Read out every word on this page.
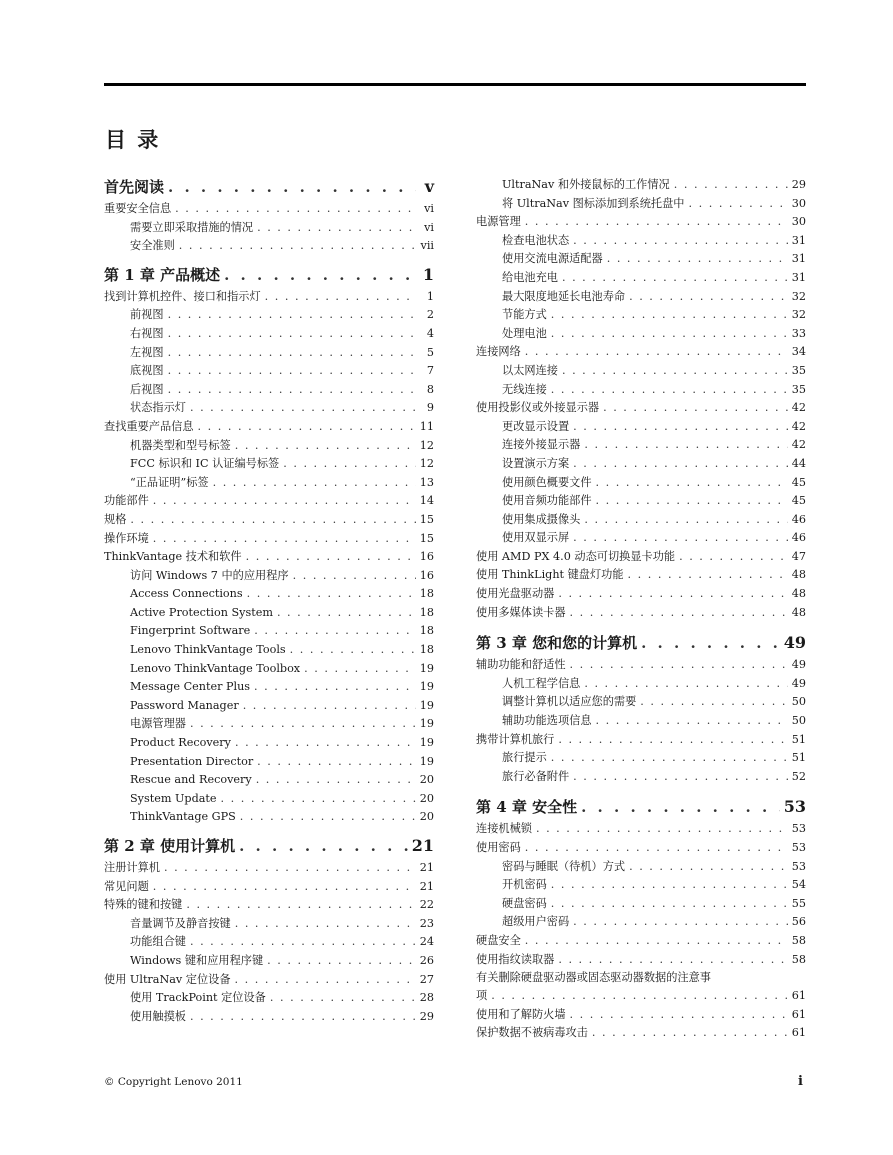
目 录
首先阅读 . . .	v
重要安全信息 . . .	vi
需要立即采取措施的情况 . . .	vi
安全准则 . . .	vii
第 1 章 产品概述 . . .	1
找到计算机控件、接口和指示灯 . . .	1
前视图 . . .	2
右视图 . . .	4
左视图 . . .	5
底视图 . . .	7
后视图 . . .	8
状态指示灯 . . .	9
查找重要产品信息 . . .	11
机器类型和型号标签 . . .	12
FCC 标识和 IC 认证编号标签 . . .	12
“正品证明”标签 . . .	13
功能部件 . . .	14
规格 . . .	15
操作环境 . . .	15
ThinkVantage 技术和软件 . . .	16
访问 Windows 7 中的应用程序 . . .	16
Access Connections . . .	18
Active Protection System . . .	18
Fingerprint Software . . .	18
Lenovo ThinkVantage Tools . . .	18
Lenovo ThinkVantage Toolbox . . .	19
Message Center Plus . . .	19
Password Manager . . .	19
电源管理器 . . .	19
Product Recovery . . .	19
Presentation Director . . .	19
Rescue and Recovery . . .	20
System Update . . .	20
ThinkVantage GPS . . .	20
第 2 章 使用计算机 . . .	21
注册计算机 . . .	21
常见问题 . . .	21
特殊的键和按键 . . .	22
音量调节及静音按键 . . .	23
功能组合键 . . .	24
Windows 键和应用程序键 . . .	26
使用 UltraNav 定位设备 . . .	27
使用 TrackPoint 定位设备 . . .	28
使用触摸板 . . .	29
UltraNav 和外接鼠标的工作情况 . . .	29
将 UltraNav 图标添加到系统托盘中 . . .	30
电源管理 . . .	30
检查电池状态 . . .	31
使用交流电源适配器 . . .	31
给电池充电 . . .	31
最大限度地延长电池寿命 . . .	32
节能方式 . . .	32
处理电池 . . .	33
连接网络 . . .	34
以太网连接 . . .	35
无线连接 . . .	35
使用投影仪或外接显示器 . . .	42
更改显示设置 . . .	42
连接外接显示器 . . .	42
设置演示方案 . . .	44
使用颜色概要文件 . . .	45
使用音频功能部件 . . .	45
使用集成摄像头 . . .	46
使用双显示屏 . . .	46
使用 AMD PX 4.0 动态可切换显卡功能 . . .	47
使用 ThinkLight 键盘灯功能 . . .	48
使用光盘驱动器 . . .	48
使用多媒体读卡器 . . .	48
第 3 章 您和您的计算机 . . .	49
辅助功能和舒适性 . . .	49
人机工程学信息 . . .	49
调整计算机以适应您的需要 . . .	50
辅助功能选项信息 . . .	50
携带计算机旅行 . . .	51
旅行提示 . . .	51
旅行必备附件 . . .	52
第 4 章 安全性 . . .	53
连接机械锁 . . .	53
使用密码 . . .	53
密码与睡眠（待机）方式 . . .	53
开机密码 . . .	54
硬盘密码 . . .	55
超级用户密码 . . .	56
硬盘安全 . . .	58
使用指纹读取器 . . .	58
有关删除硬盘驱动器或固态驱动器数据的注意事
项 . . .	61
使用和了解防火墙 . . .	61
保护数据不被病毒攻击 . . .	61
© Copyright Lenovo 2011	i
